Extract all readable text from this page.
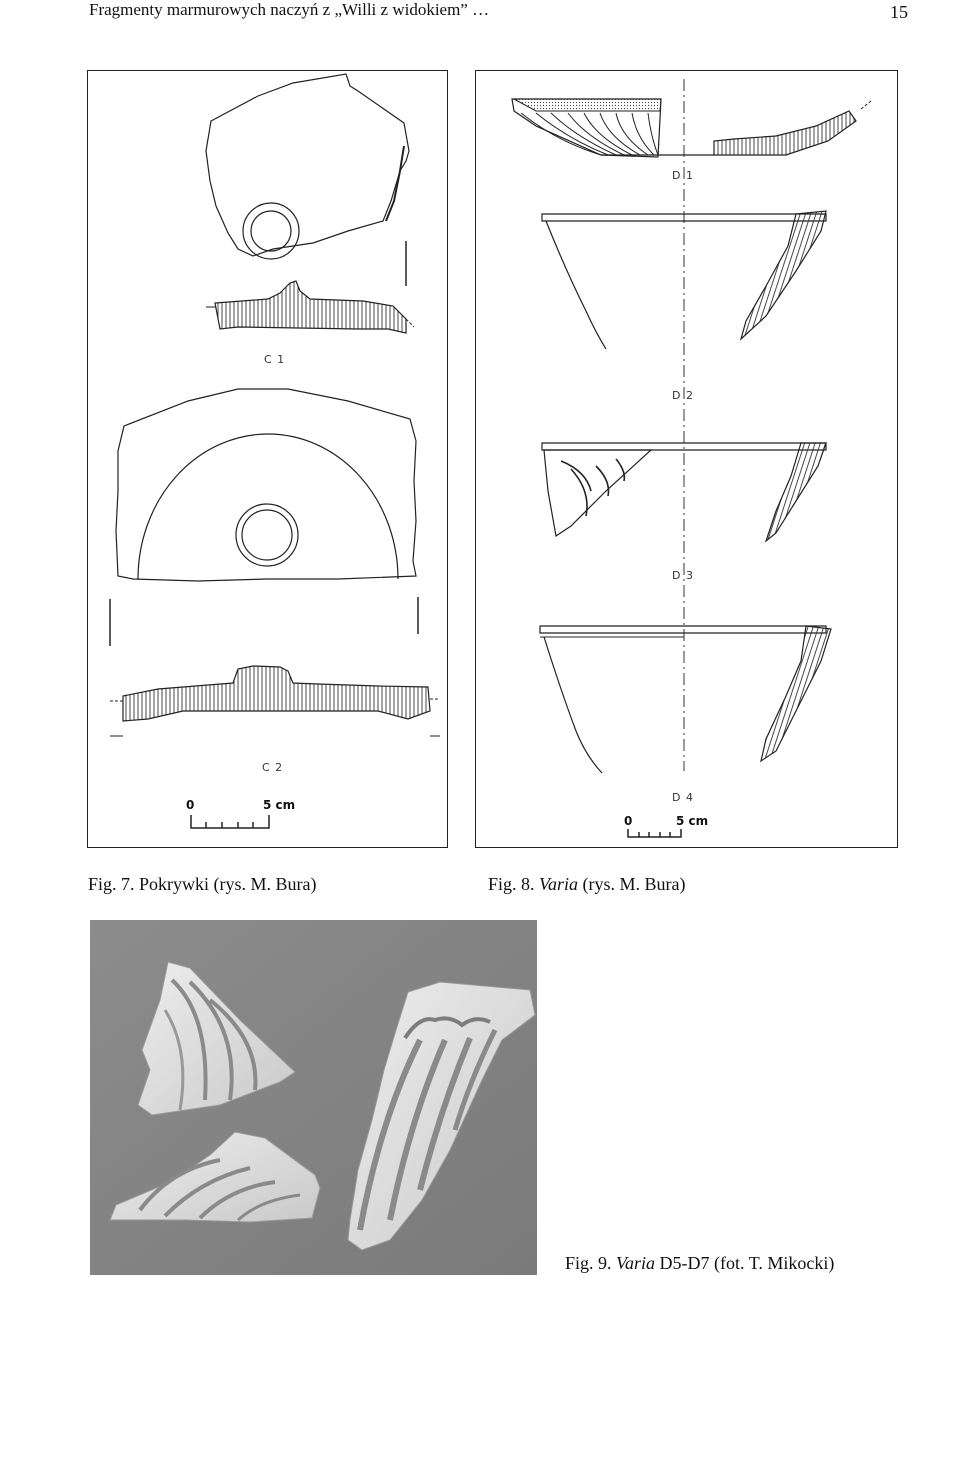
Fragmenty marmurowych naczyń z „Willi z widokiem” …	15
C 1
C 2
0	5 cm
Fig. 7. Pokrywki (rys. M. Bura)
D 1
D 2
D 3
D 4
0	5 cm
Fig. 8. Varia (rys. M. Bura)
Fig. 9. Varia D5-D7 (fot. T. Mikocki)
